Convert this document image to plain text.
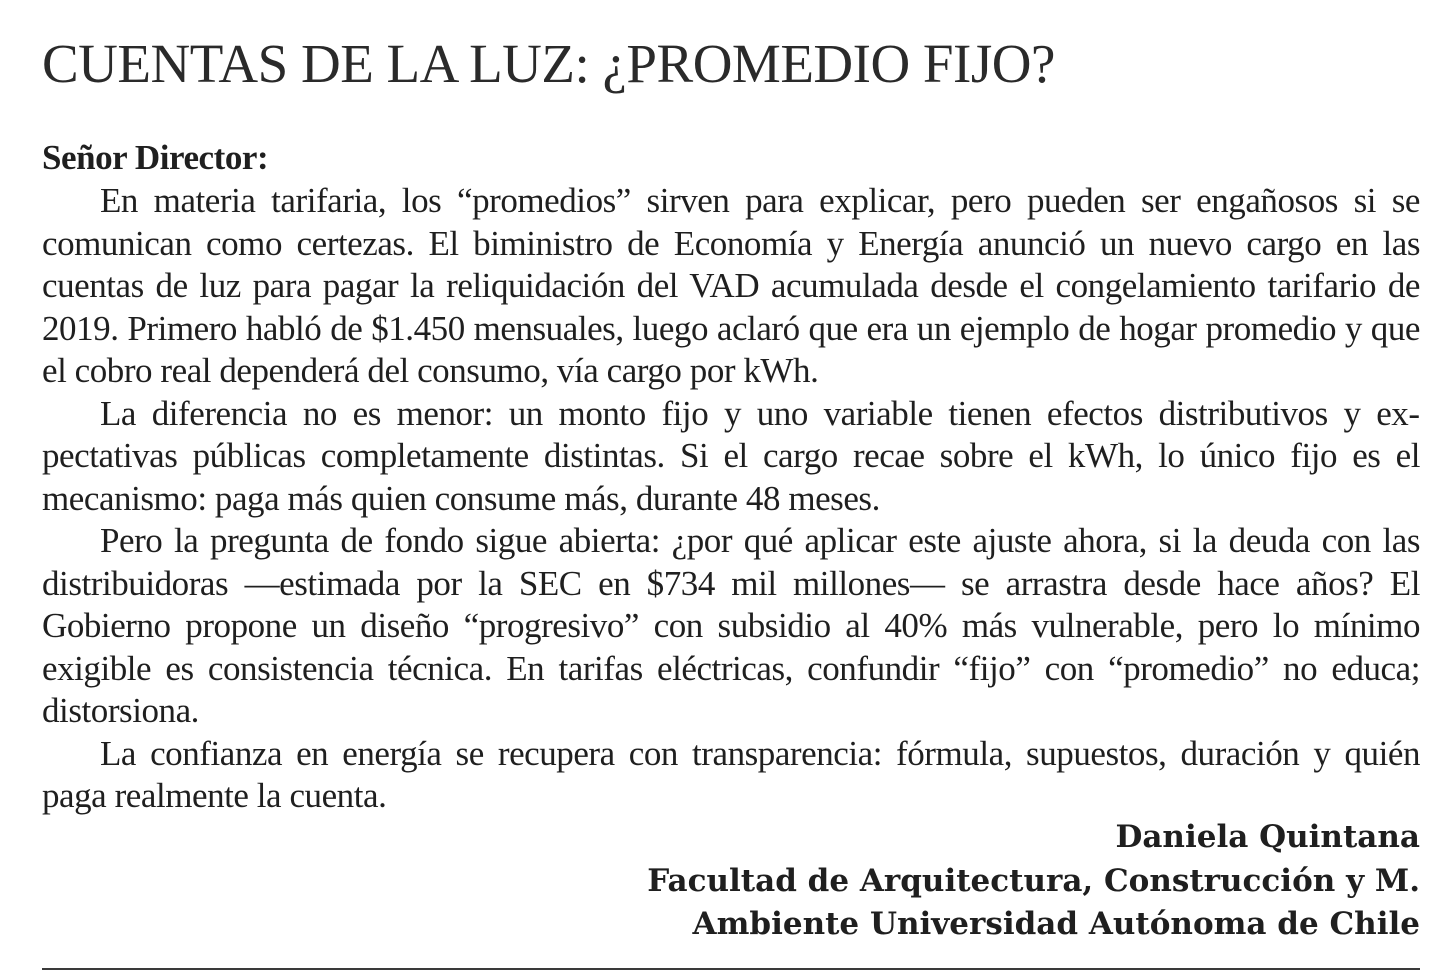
CUENTAS DE LA LUZ: ¿PROMEDIO FIJO?

Señor Director:

En materia tarifaria, los “promedios” sirven para explicar, pero pueden ser engañosos si se comunican como certezas. El biministro de Economía y Energía anunció un nuevo cargo en las cuentas de luz para pagar la reliquidación del VAD acumulada desde el congelamiento tarifario de 2019. Primero habló de $1.450 mensuales, luego aclaró que era un ejemplo de hogar promedio y que el cobro real dependerá del consumo, vía cargo por kWh.

La diferencia no es menor: un monto fijo y uno variable tienen efectos distributivos y expectativas públicas completamente distintas. Si el cargo recae sobre el kWh, lo único fijo es el mecanismo: paga más quien consume más, durante 48 meses.

Pero la pregunta de fondo sigue abierta: ¿por qué aplicar este ajuste ahora, si la deuda con las distribuidoras —estimada por la SEC en $734 mil millones— se arrastra desde hace años? El Gobierno propone un diseño “progresivo” con subsidio al 40% más vulnerable, pero lo mínimo exigible es consistencia técnica. En tarifas eléctricas, confundir “fijo” con “promedio” no educa; distorsiona.

La confianza en energía se recupera con transparencia: fórmula, supuestos, duración y quién paga realmente la cuenta.

Daniela Quintana
Facultad de Arquitectura, Construcción y M.
Ambiente Universidad Autónoma de Chile
